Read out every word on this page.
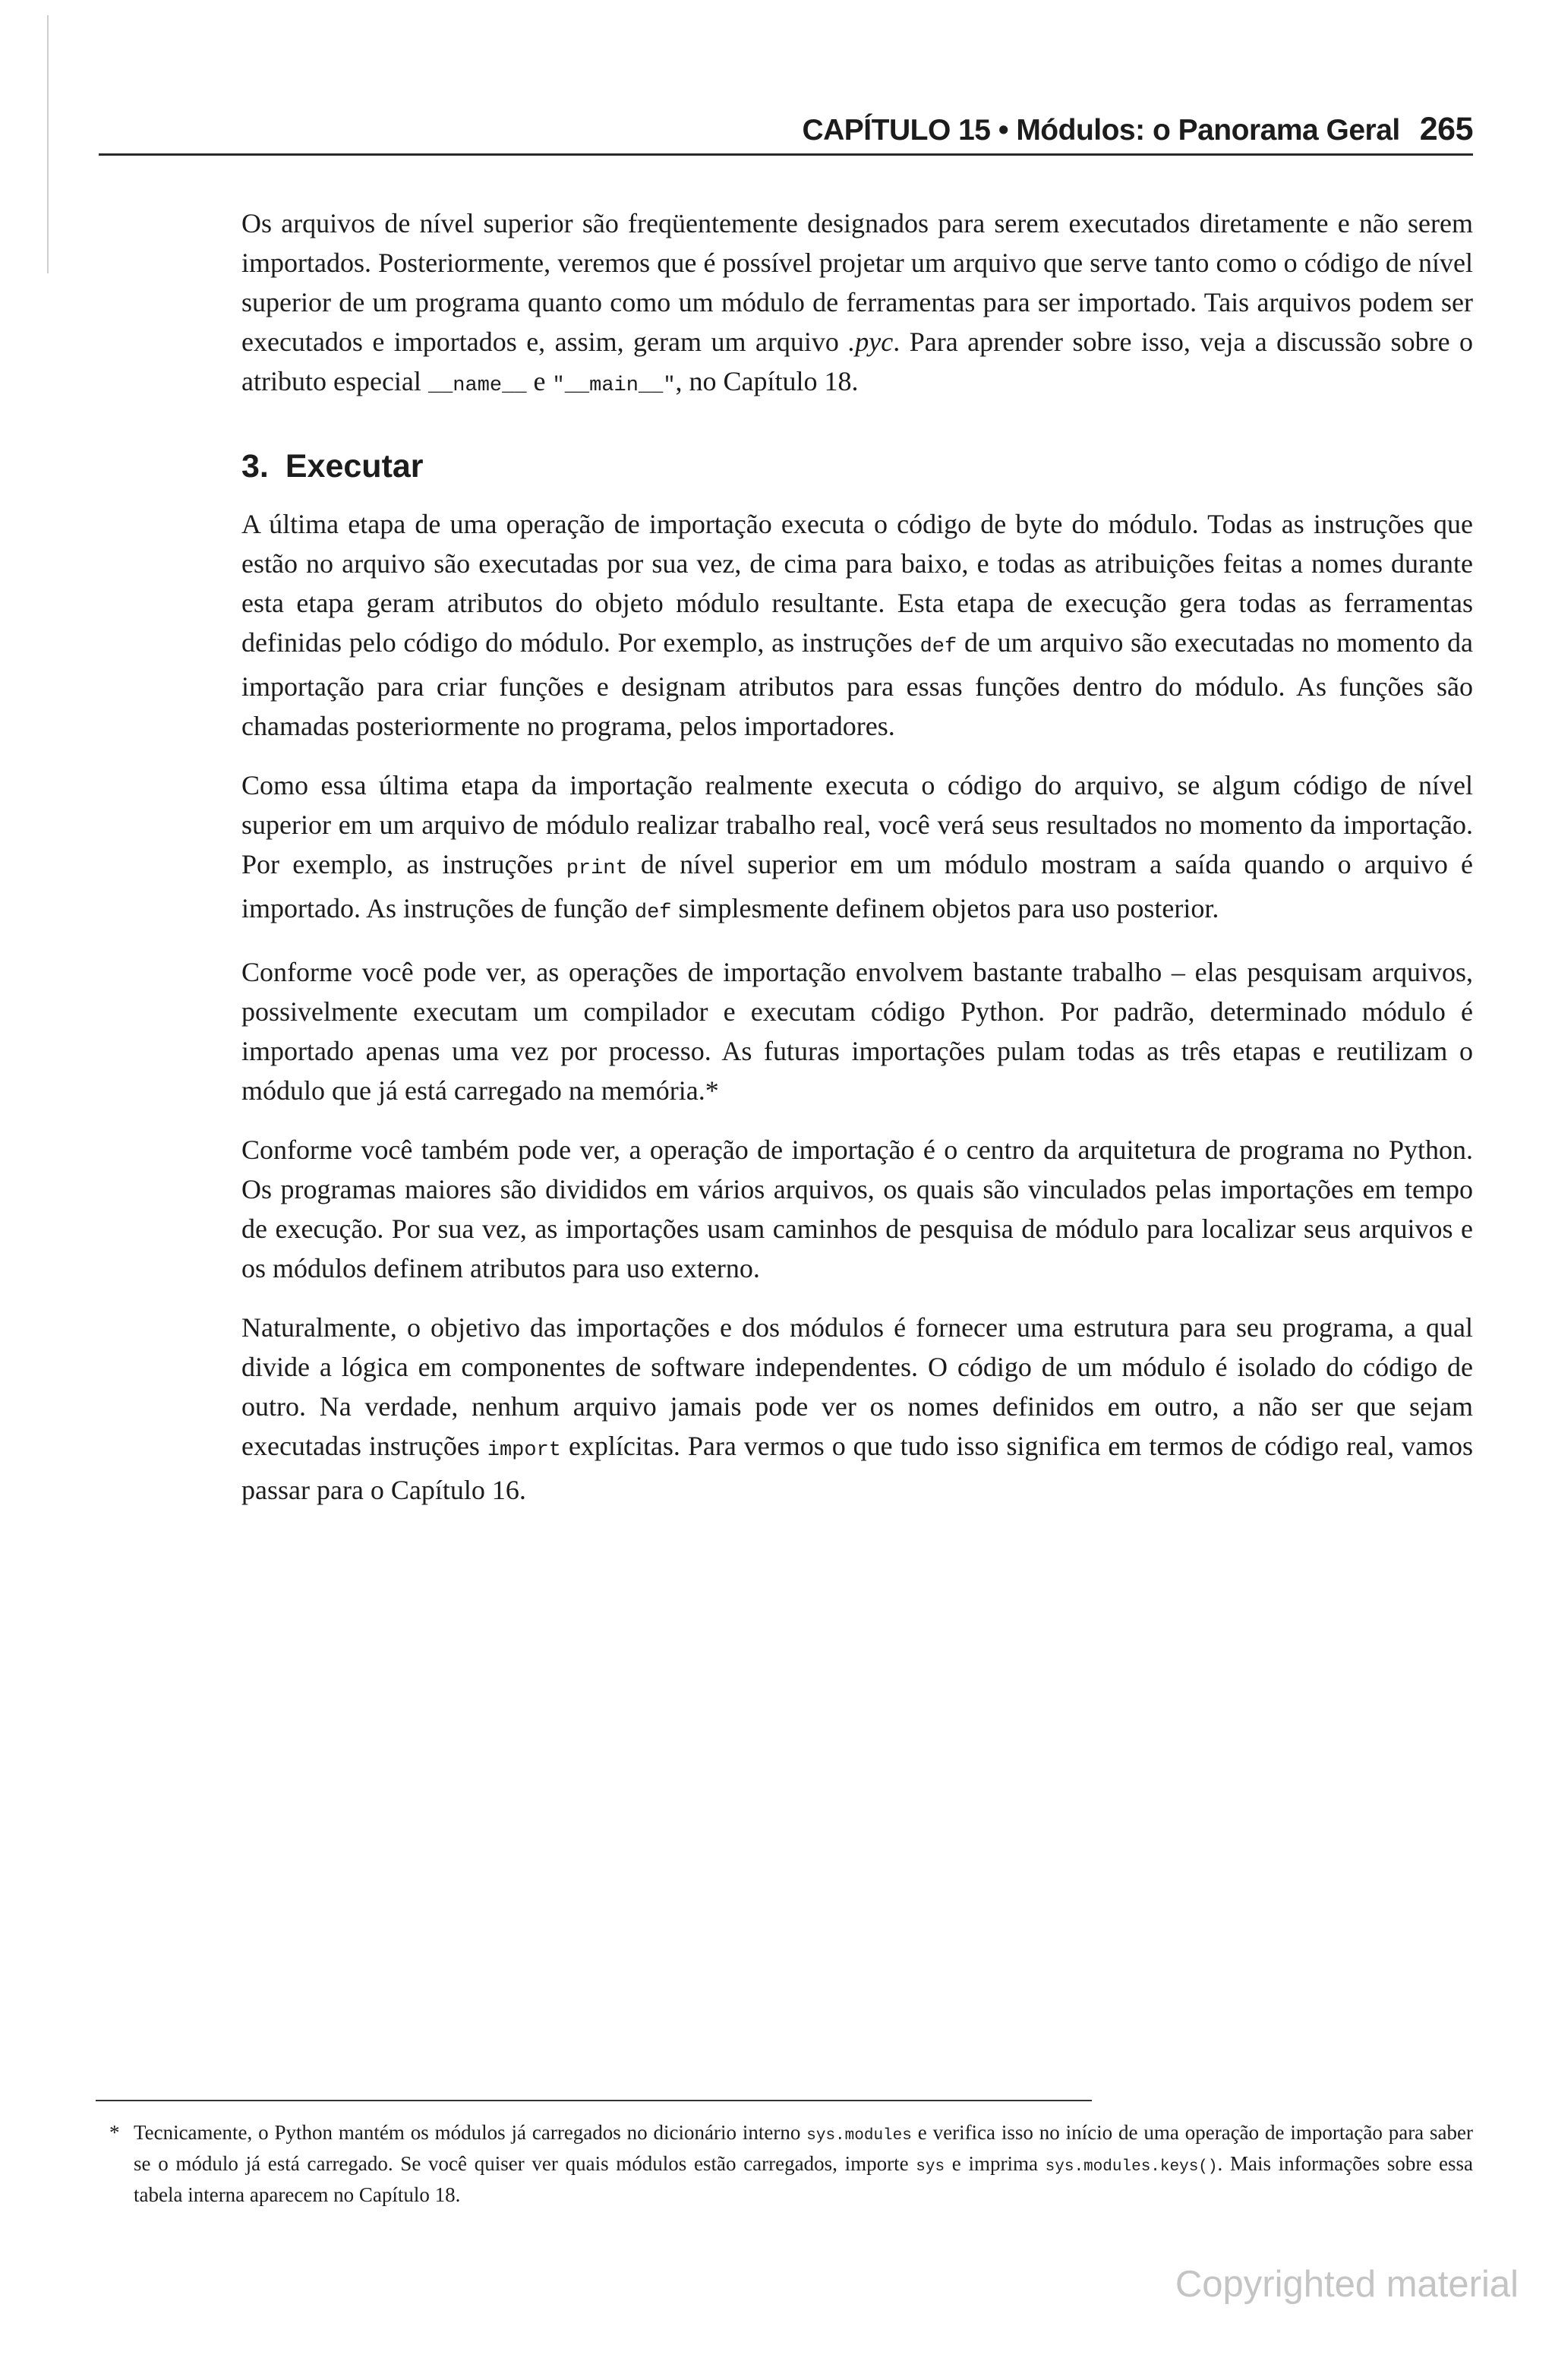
CAPÍTULO 15 • Módulos: o Panorama Geral 265

Os arquivos de nível superior são freqüentemente designados para serem executados diretamente e não serem importados. Posteriormente, veremos que é possível projetar um arquivo que serve tanto como o código de nível superior de um programa quanto como um módulo de ferramentas para ser importado. Tais arquivos podem ser executados e importados e, assim, geram um arquivo .pyc. Para aprender sobre isso, veja a discussão sobre o atributo especial __name__ e "__main__", no Capítulo 18.

3. Executar

A última etapa de uma operação de importação executa o código de byte do módulo. Todas as instruções que estão no arquivo são executadas por sua vez, de cima para baixo, e todas as atribuições feitas a nomes durante esta etapa geram atributos do objeto módulo resultante. Esta etapa de execução gera todas as ferramentas definidas pelo código do módulo. Por exemplo, as instruções def de um arquivo são executadas no momento da importação para criar funções e designam atributos para essas funções dentro do módulo. As funções são chamadas posteriormente no programa, pelos importadores.

Como essa última etapa da importação realmente executa o código do arquivo, se algum código de nível superior em um arquivo de módulo realizar trabalho real, você verá seus resultados no momento da importação. Por exemplo, as instruções print de nível superior em um módulo mostram a saída quando o arquivo é importado. As instruções de função def simplesmente definem objetos para uso posterior.

Conforme você pode ver, as operações de importação envolvem bastante trabalho – elas pesquisam arquivos, possivelmente executam um compilador e executam código Python. Por padrão, determinado módulo é importado apenas uma vez por processo. As futuras importações pulam todas as três etapas e reutilizam o módulo que já está carregado na memória.*

Conforme você também pode ver, a operação de importação é o centro da arquitetura de programa no Python. Os programas maiores são divididos em vários arquivos, os quais são vinculados pelas importações em tempo de execução. Por sua vez, as importações usam caminhos de pesquisa de módulo para localizar seus arquivos e os módulos definem atributos para uso externo.

Naturalmente, o objetivo das importações e dos módulos é fornecer uma estrutura para seu programa, a qual divide a lógica em componentes de software independentes. O código de um módulo é isolado do código de outro. Na verdade, nenhum arquivo jamais pode ver os nomes definidos em outro, a não ser que sejam executadas instruções import explícitas. Para vermos o que tudo isso significa em termos de código real, vamos passar para o Capítulo 16.

* Tecnicamente, o Python mantém os módulos já carregados no dicionário interno sys.modules e verifica isso no início de uma operação de importação para saber se o módulo já está carregado. Se você quiser ver quais módulos estão carregados, importe sys e imprima sys.modules.keys(). Mais informações sobre essa tabela interna aparecem no Capítulo 18.
Copyrighted material
